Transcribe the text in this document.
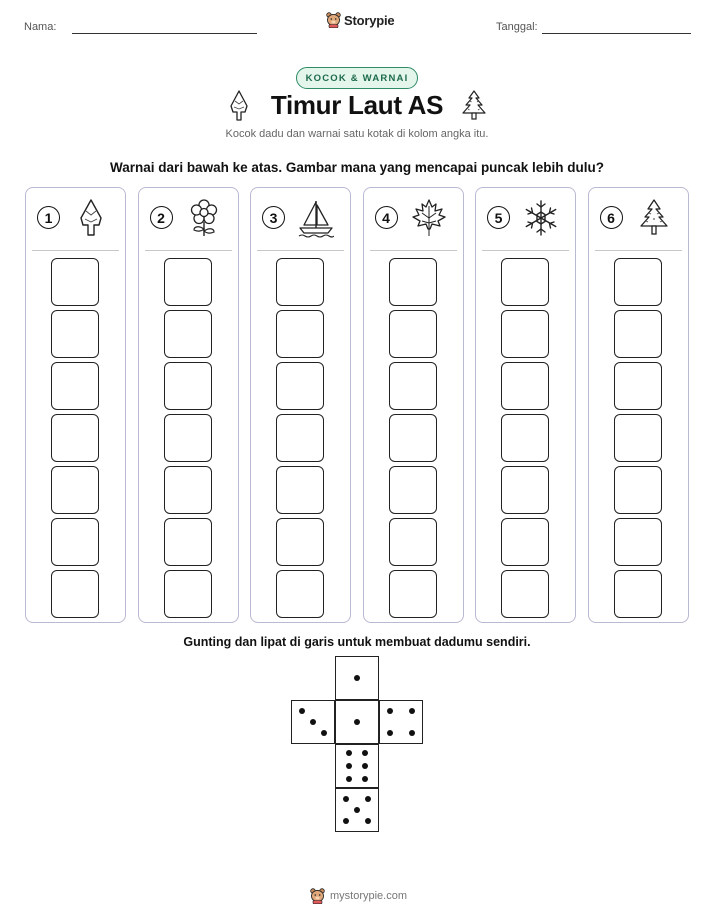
Nama:	Storypie	Tanggal:
KOCOK & WARNAI
Timur Laut AS
Kocok dadu dan warnai satu kotak di kolom angka itu.
Warnai dari bawah ke atas. Gambar mana yang mencapai puncak lebih dulu?
1	2	3	4	5	6
Gunting dan lipat di garis untuk membuat dadumu sendiri.
mystorypie.com
